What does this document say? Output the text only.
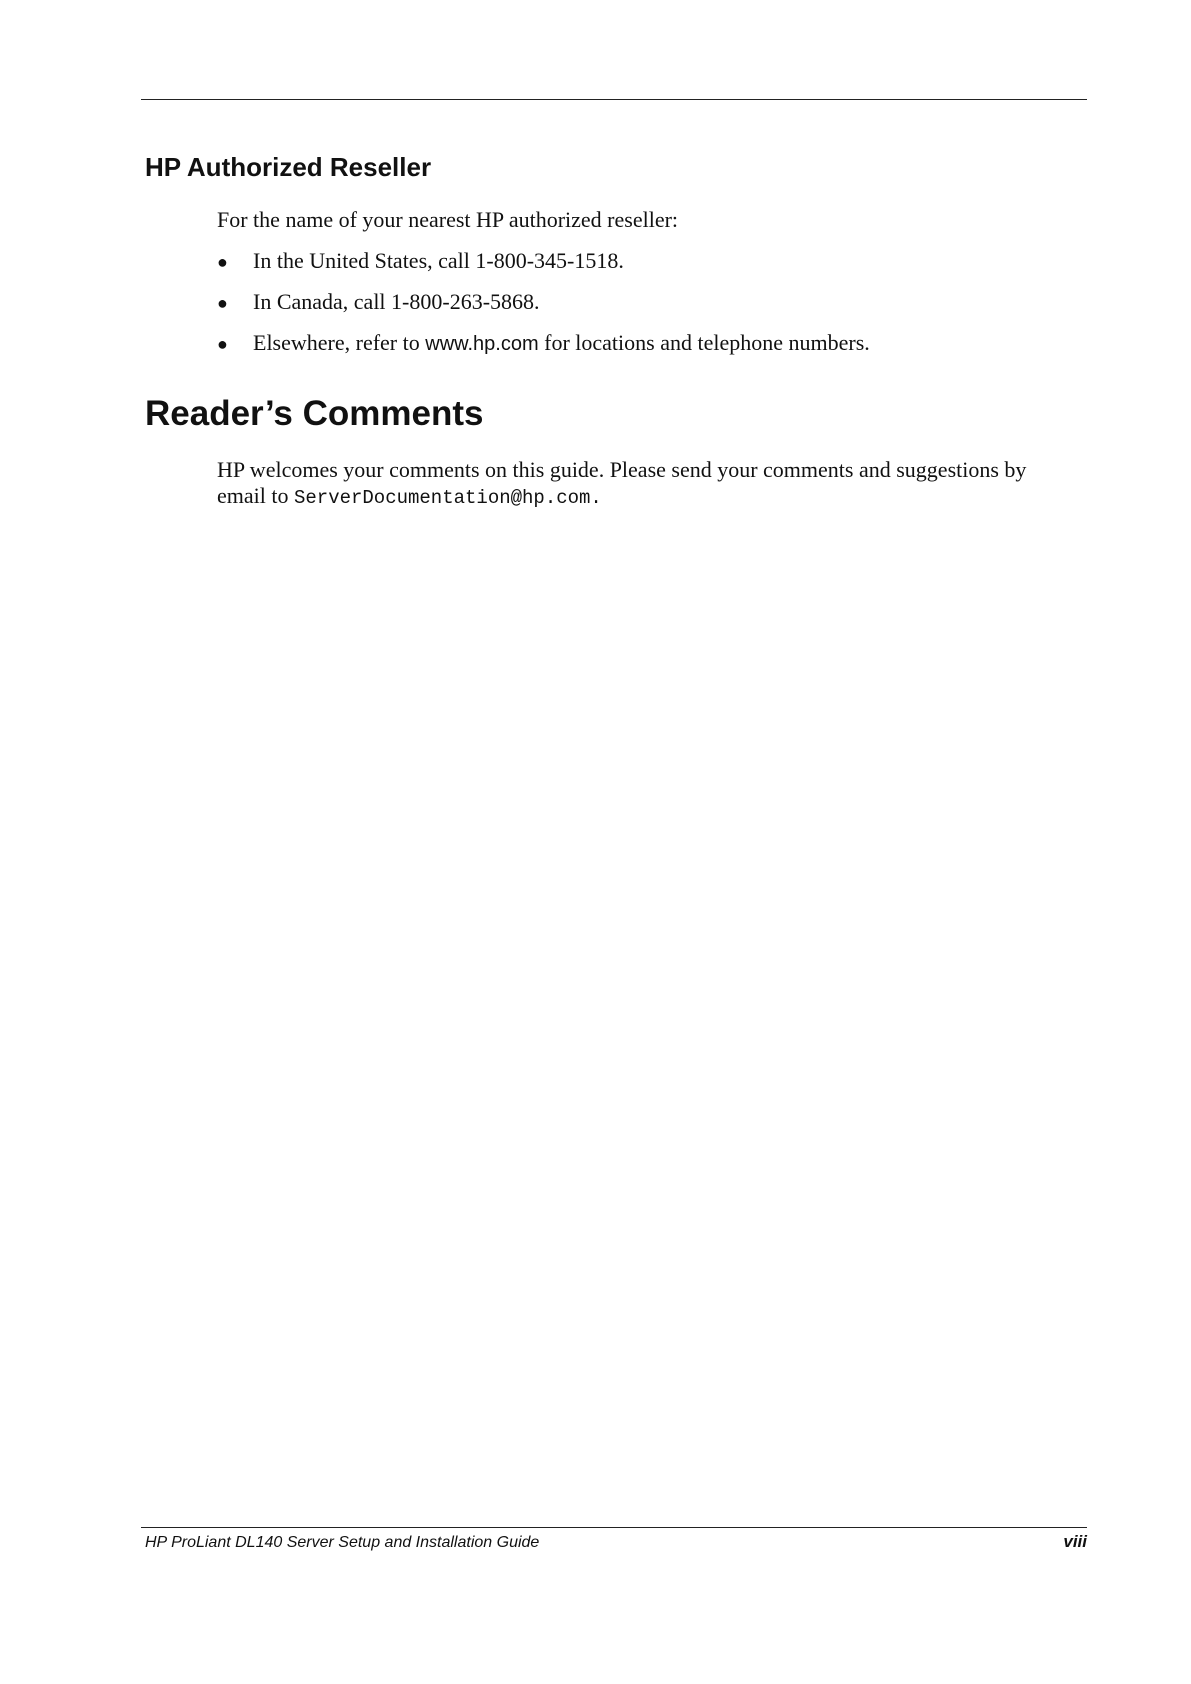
HP Authorized Reseller

For the name of your nearest HP authorized reseller:

● In the United States, call 1-800-345-1518.
● In Canada, call 1-800-263-5868.
● Elsewhere, refer to www.hp.com for locations and telephone numbers.
Reader’s Comments

HP welcomes your comments on this guide. Please send your comments and suggestions by email to ServerDocumentation@hp.com.

HP ProLiant DL140 Server Setup and Installation Guide	viii
